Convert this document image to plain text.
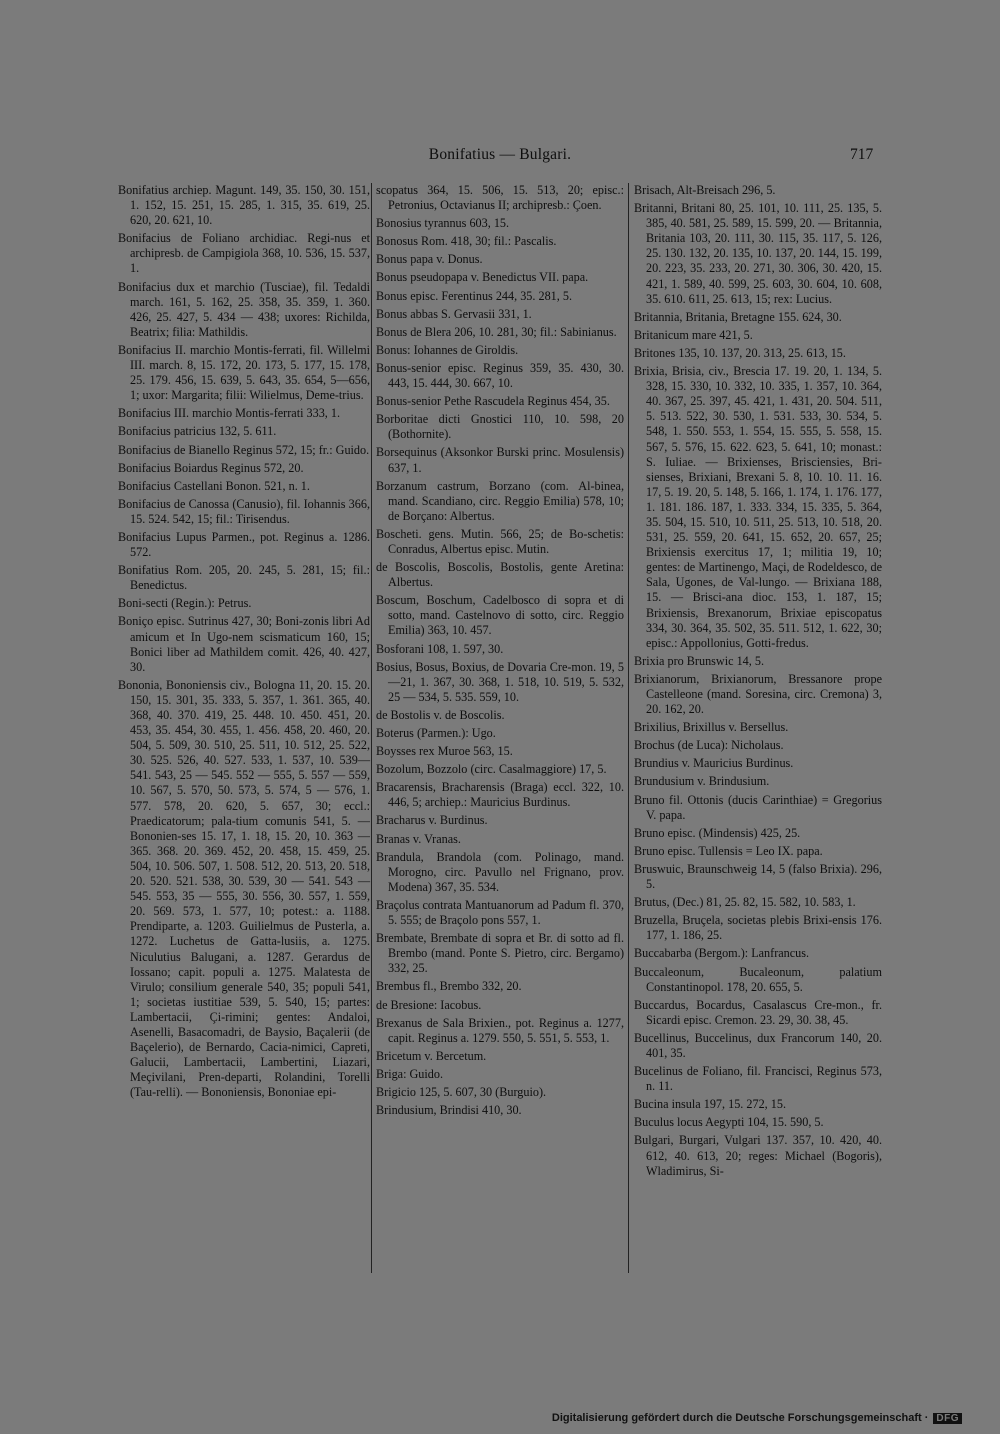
Bonifatius — Bulgari.	717

Bonifatius archiep. Magunt. 149, 35. 150, 30. 151, 1. 152, 15. 251, 15. 285, 1. 315, 35. 619, 25. 620, 20. 621, 10.

Bonifacius de Foliano archidiac. Regi-nus et archipresb. de Campigiola 368, 10. 536, 15. 537, 1.

Bonifacius dux et marchio (Tusciae), fil. Tedaldi march. 161, 5. 162, 25. 358, 35. 359, 1. 360. 426, 25. 427, 5. 434 — 438; uxores: Richilda, Beatrix; filia: Mathildis.

Bonifacius II. marchio Montis-ferrati, fil. Willelmi III. march. 8, 15. 172, 20. 173, 5. 177, 15. 178, 25. 179. 456, 15. 639, 5. 643, 35. 654, 5—656, 1; uxor: Margarita; filii: Wilielmus, Deme-trius.

Bonifacius III. marchio Montis-ferrati 333, 1.

Bonifacius patricius 132, 5. 611.

Bonifacius de Bianello Reginus 572, 15; fr.: Guido.

Bonifacius Boiardus Reginus 572, 20.

Bonifacius Castellani Bonon. 521, n. 1.

Bonifacius de Canossa (Canusio), fil. Iohannis 366, 15. 524. 542, 15; fil.: Tirisendus.

Bonifacius Lupus Parmen., pot. Reginus a. 1286. 572.

Bonifatius Rom. 205, 20. 245, 5. 281, 15; fil.: Benedictus.

Boni-secti (Regin.): Petrus.

Boniço episc. Sutrinus 427, 30; Boni-zonis libri Ad amicum et In Ugo-nem scismaticum 160, 15; Bonici liber ad Mathildem comit. 426, 40. 427, 30.

Bononia, Bononiensis civ., Bologna 11, 20. 15. 20. 150, 15. 301, 35. 333, 5. 357, 1. 361. 365, 40. 368, 40. 370. 419, 25. 448. 10. 450. 451, 20. 453, 35. 454, 30. 455, 1. 456. 458, 20. 460, 20. 504, 5. 509, 30. 510, 25. 511, 10. 512, 25. 522, 30. 525. 526, 40. 527. 533, 1. 537, 10. 539—541. 543, 25 — 545. 552 — 555, 5. 557 — 559, 10. 567, 5. 570, 50. 573, 5. 574, 5 — 576, 1. 577. 578, 20. 620, 5. 657, 30; eccl.: Praedicatorum; pala-tium comunis 541, 5. — Bononien-ses 15. 17, 1. 18, 15. 20, 10. 363 — 365. 368. 20. 369. 452, 20. 458, 15. 459, 25. 504, 10. 506. 507, 1. 508. 512, 20. 513, 20. 518, 20. 520. 521. 538, 30. 539, 30 — 541. 543 — 545. 553, 35 — 555, 30. 556, 30. 557, 1. 559, 20. 569. 573, 1. 577, 10; potest.: a. 1188. Prendiparte, a. 1203. Guilielmus de Pusterla, a. 1272. Luchetus de Gatta-lusiis, a. 1275. Niculutius Balugani, a. 1287. Gerardus de Iossano; capit. populi a. 1275. Malatesta de Virulo; consilium generale 540, 35; populi 541, 1; societas iustitiae 539, 5. 540, 15; partes: Lambertacii, Çi-rimini; gentes: Andaloi, Asenelli, Basacomadri, de Baysio, Baçalerii (de Baçelerio), de Bernardo, Cacia-nimici, Capreti, Galucii, Lambertacii, Lambertini, Liazari, Meçivilani, Pren-departi, Rolandini, Torelli (Tau-relli). — Bononiensis, Bononiae epi-

scopatus 364, 15. 506, 15. 513, 20; episc.: Petronius, Octavianus II; archipresb.: Çoen.

Bonosius tyrannus 603, 15.

Bonosus Rom. 418, 30; fil.: Pascalis.

Bonus papa v. Donus.

Bonus pseudopapa v. Benedictus VII. papa.

Bonus episc. Ferentinus 244, 35. 281, 5.

Bonus abbas S. Gervasii 331, 1.

Bonus de Blera 206, 10. 281, 30; fil.: Sabinianus.

Bonus: Iohannes de Giroldis.

Bonus-senior episc. Reginus 359, 35. 430, 30. 443, 15. 444, 30. 667, 10.

Bonus-senior Pethe Rascudela Reginus 454, 35.

Borboritae dicti Gnostici 110, 10. 598, 20 (Bothornite).

Borsequinus (Aksonkor Burski princ. Mosulensis) 637, 1.

Borzanum castrum, Borzano (com. Al-binea, mand. Scandiano, circ. Reggio Emilia) 578, 10; de Borçano: Albertus.

Boscheti. gens. Mutin. 566, 25; de Bo-schetis: Conradus, Albertus episc. Mutin.

de Boscolis, Boscolis, Bostolis, gente Aretina: Albertus.

Boscum, Boschum, Cadelbosco di sopra et di sotto, mand. Castelnovo di sotto, circ. Reggio Emilia) 363, 10. 457.

Bosforani 108, 1. 597, 30.

Bosius, Bosus, Boxius, de Dovaria Cre-mon. 19, 5—21, 1. 367, 30. 368, 1. 518, 10. 519, 5. 532, 25 — 534, 5. 535. 559, 10.

de Bostolis v. de Boscolis.

Boterus (Parmen.): Ugo.

Boysses rex Muroe 563, 15.

Bozolum, Bozzolo (circ. Casalmaggiore) 17, 5.

Bracarensis, Bracharensis (Braga) eccl. 322, 10. 446, 5; archiep.: Mauricius Burdinus.

Bracharus v. Burdinus.

Branas v. Vranas.

Brandula, Brandola (com. Polinago, mand. Morogno, circ. Pavullo nel Frignano, prov. Modena) 367, 35. 534.

Braçolus contrata Mantuanorum ad Padum fl. 370, 5. 555; de Braçolo pons 557, 1.

Brembate, Brembate di sopra et Br. di sotto ad fl. Brembo (mand. Ponte S. Pietro, circ. Bergamo) 332, 25.

Brembus fl., Brembo 332, 20.

de Bresione: Iacobus.

Brexanus de Sala Brixien., pot. Reginus a. 1277, capit. Reginus a. 1279. 550, 5. 551, 5. 553, 1.

Bricetum v. Bercetum.

Briga: Guido.

Brigicio 125, 5. 607, 30 (Burguio).

Brindusium, Brindisi 410, 30.

Brisach, Alt-Breisach 296, 5.

Britanni, Britani 80, 25. 101, 10. 111, 25. 135, 5. 385, 40. 581, 25. 589, 15. 599, 20. — Britannia, Britania 103, 20. 111, 30. 115, 35. 117, 5. 126, 25. 130. 132, 20. 135, 10. 137, 20. 144, 15. 199, 20. 223, 35. 233, 20. 271, 30. 306, 30. 420, 15. 421, 1. 589, 40. 599, 25. 603, 30. 604, 10. 608, 35. 610. 611, 25. 613, 15; rex: Lucius.

Britannia, Britania, Bretagne 155. 624, 30.

Britanicum mare 421, 5.

Britones 135, 10. 137, 20. 313, 25. 613, 15.

Brixia, Brisia, civ., Brescia 17. 19. 20, 1. 134, 5. 328, 15. 330, 10. 332, 10. 335, 1. 357, 10. 364, 40. 367, 25. 397, 45. 421, 1. 431, 20. 504. 511, 5. 513. 522, 30. 530, 1. 531. 533, 30. 534, 5. 548, 1. 550. 553, 1. 554, 15. 555, 5. 558, 15. 567, 5. 576, 15. 622. 623, 5. 641, 10; monast.: S. Iuliae. — Brixienses, Brisciensies, Bri-sienses, Brixiani, Brexani 5. 8, 10. 10. 11. 16. 17, 5. 19. 20, 5. 148, 5. 166, 1. 174, 1. 176. 177, 1. 181. 186. 187, 1. 333. 334, 15. 335, 5. 364, 35. 504, 15. 510, 10. 511, 25. 513, 10. 518, 20. 531, 25. 559, 20. 641, 15. 652, 20. 657, 25; Brixiensis exercitus 17, 1; militia 19, 10; gentes: de Martinengo, Maçi, de Rodeldesco, de Sala, Ugones, de Val-lungo. — Brixiana 188, 15. — Brisci-ana dioc. 153, 1. 187, 15; Brixiensis, Brexanorum, Brixiae episcopatus 334, 30. 364, 35. 502, 35. 511. 512, 1. 622, 30; episc.: Appollonius, Gotti-fredus.

Brixia pro Brunswic 14, 5.

Brixianorum, Brixianorum, Bressanore prope Castelleone (mand. Soresina, circ. Cremona) 3, 20. 162, 20.

Brixilius, Brixillus v. Bersellus.

Brochus (de Luca): Nicholaus.

Brundius v. Mauricius Burdinus.

Brundusium v. Brindusium.

Bruno fil. Ottonis (ducis Carinthiae) = Gregorius V. papa.

Bruno episc. (Mindensis) 425, 25.

Bruno episc. Tullensis = Leo IX. papa.

Bruswuic, Braunschweig 14, 5 (falso Brixia). 296, 5.

Brutus, (Dec.) 81, 25. 82, 15. 582, 10. 583, 1.

Bruzella, Bruçela, societas plebis Brixi-ensis 176. 177, 1. 186, 25.

Buccabarba (Bergom.): Lanfrancus.

Buccaleonum, Bucaleonum, palatium Constantinopol. 178, 20. 655, 5.

Buccardus, Bocardus, Casalascus Cre-mon., fr. Sicardi episc. Cremon. 23. 29, 30. 38, 45.

Bucellinus, Buccelinus, dux Francorum 140, 20. 401, 35.

Bucelinus de Foliano, fil. Francisci, Reginus 573, n. 11.

Bucina insula 197, 15. 272, 15.

Buculus locus Aegypti 104, 15. 590, 5.

Bulgari, Burgari, Vulgari 137. 357, 10. 420, 40. 612, 40. 613, 20; reges: Michael (Bogoris), Wladimirus, Si-

Digitalisierung gefördert durch die Deutsche Forschungsgemeinschaft · DFG
